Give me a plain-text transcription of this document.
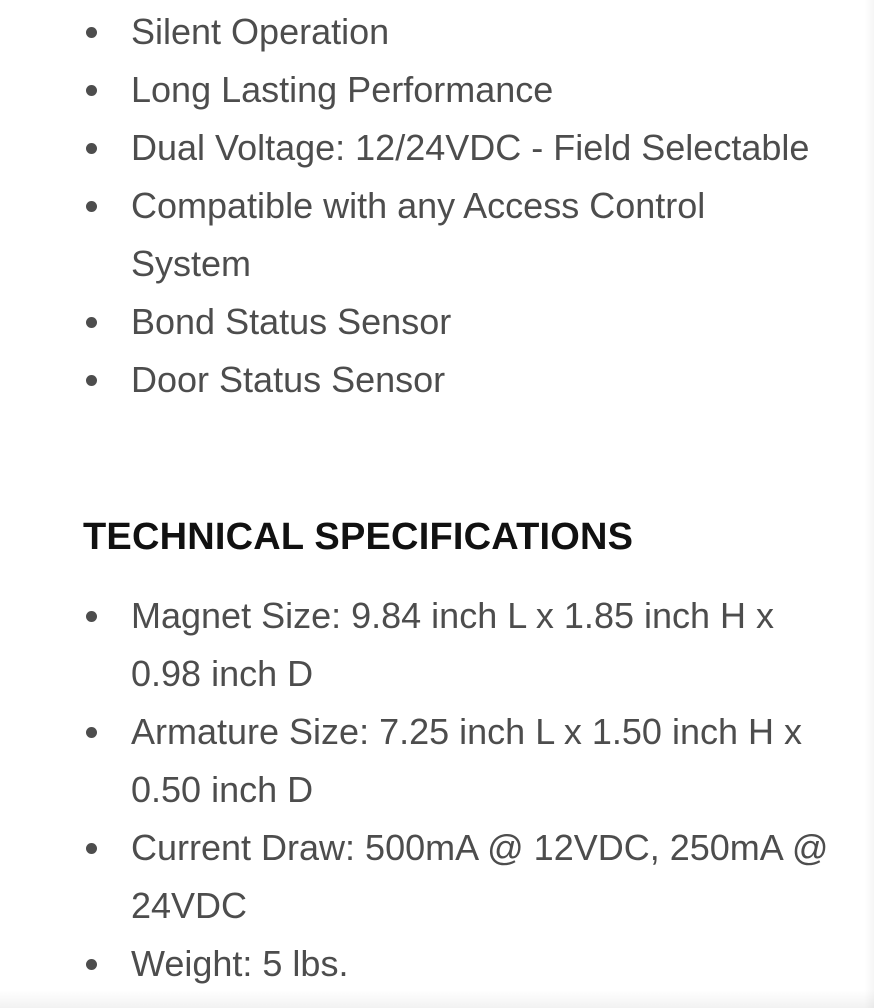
Silent Operation
Long Lasting Performance
Dual Voltage: 12/24VDC - Field Selectable
Compatible with any Access Control System
Bond Status Sensor
Door Status Sensor
TECHNICAL SPECIFICATIONS
Magnet Size: 9.84 inch L x 1.85 inch H x 0.98 inch D
Armature Size: 7.25 inch L x 1.50 inch H x 0.50 inch D
Current Draw: 500mA @ 12VDC, 250mA @ 24VDC
Weight: 5 lbs.
